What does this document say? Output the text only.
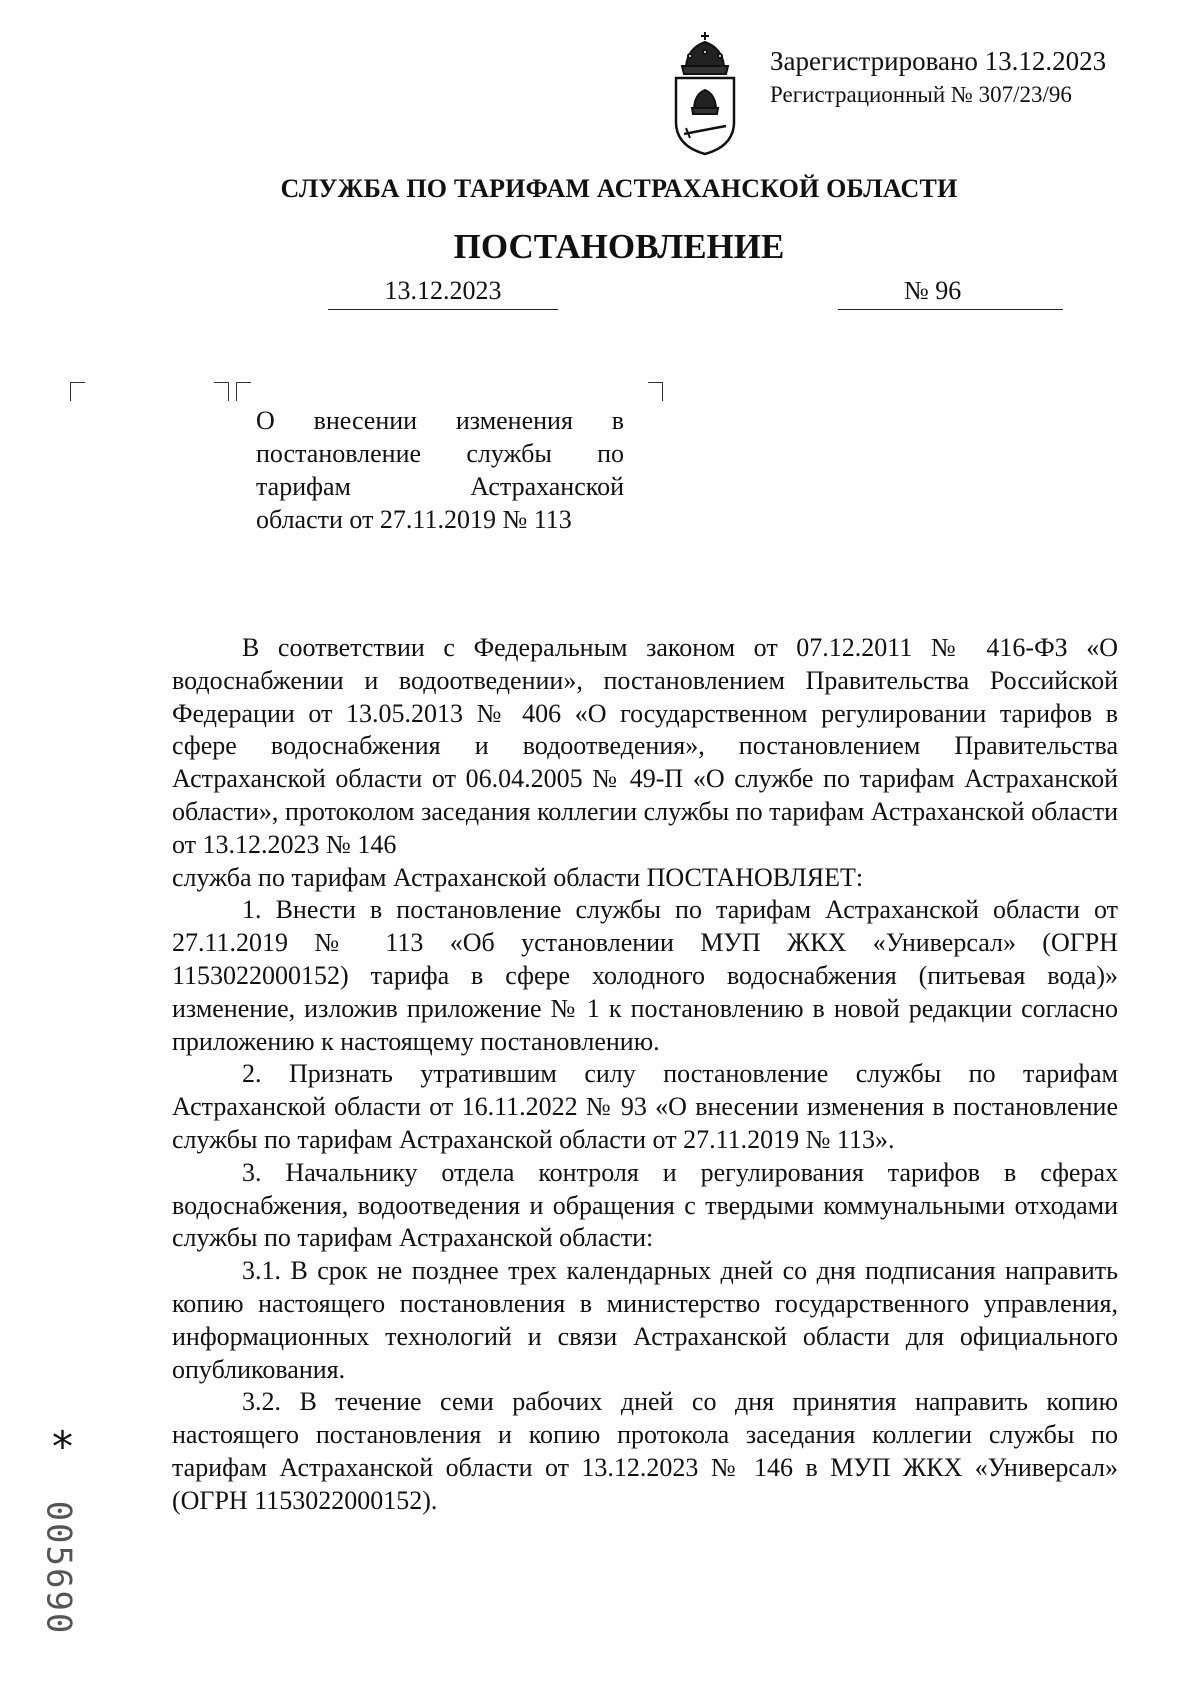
Зарегистрировано 13.12.2023
Регистрационный № 307/23/96
СЛУЖБА ПО ТАРИФАМ АСТРАХАНСКОЙ ОБЛАСТИ
ПОСТАНОВЛЕНИЕ
13.12.2023	№ 96
О внесении изменения в
постановление службы по
тарифам Астраханской
области от 27.11.2019 № 113

В соответствии с Федеральным законом от 07.12.2011 № 416-ФЗ «О водоснабжении и водоотведении», постановлением Правительства Российской Федерации от 13.05.2013 № 406 «О государственном регулировании тарифов в сфере водоснабжения и водоотведения», постановлением Правительства Астраханской области от 06.04.2005 № 49-П «О службе по тарифам Астраханской области», протоколом заседания коллегии службы по тарифам Астраханской области от 13.12.2023 № 146

служба по тарифам Астраханской области ПОСТАНОВЛЯЕТ:

1. Внести в постановление службы по тарифам Астраханской области от 27.11.2019 № 113 «Об установлении МУП ЖКХ «Универсал» (ОГРН 1153022000152) тарифа в сфере холодного водоснабжения (питьевая вода)» изменение, изложив приложение № 1 к постановлению в новой редакции согласно приложению к настоящему постановлению.

2. Признать утратившим силу постановление службы по тарифам Астраханской области от 16.11.2022 № 93 «О внесении изменения в постановление службы по тарифам Астраханской области от 27.11.2019 № 113».

3. Начальнику отдела контроля и регулирования тарифов в сферах водоснабжения, водоотведения и обращения с твердыми коммунальными отходами службы по тарифам Астраханской области:

3.1. В срок не позднее трех календарных дней со дня подписания направить копию настоящего постановления в министерство государственного управления, информационных технологий и связи Астраханской области для официального опубликования.

3.2. В течение семи рабочих дней со дня принятия направить копию настоящего постановления и копию протокола заседания коллегии службы по тарифам Астраханской области от 13.12.2023 № 146 в МУП ЖКХ «Универсал» (ОГРН 1153022000152).

*
005690
